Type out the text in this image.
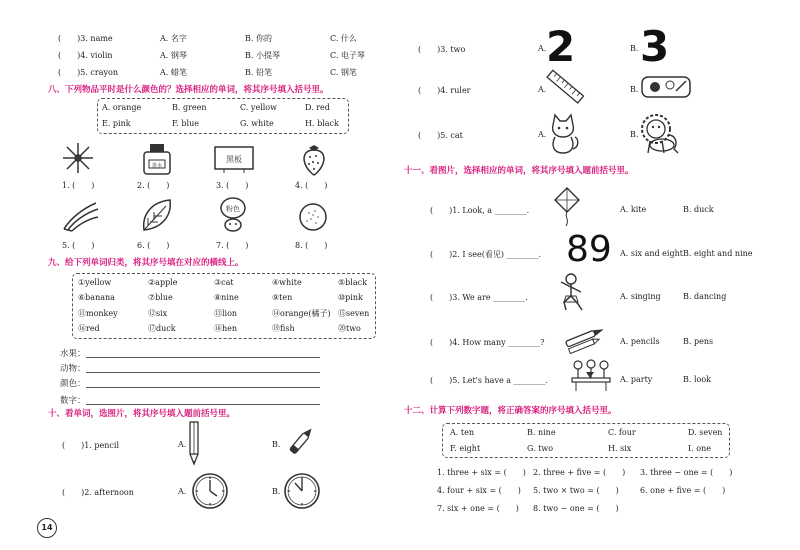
(　　)3. name	A. 名字	B. 你的	C. 什么
(　　)4. violin	A. 钢琴	B. 小提琴	C. 电子琴
(　　)5. crayon	A. 蜡笔	B. 铅笔	C. 钢笔
八、下列物品平时是什么颜色的？选择相应的单词，将其序号填入括号里。
A. orange	B. green	C. yellow	D. red
E. pink	F. blue	G. white	H. black
墨水
黑板
1. (　　)	2. (　　)	3. (　　)	4. (　　)
粉色
5. (　　)	6. (　　)	7. (　　)	8. (　　)
九、给下列单词归类，将其序号填在对应的横线上。
①yellow	②apple	③cat	④white	⑤black
⑥banana	⑦blue	⑧nine	⑨ten	⑩pink
⑪monkey	⑫six	⑬lion	⑭orange(橘子) ⑮seven
⑯red	⑰duck	⑱hen	⑲fish	⑳two
水果：
动物：
颜色：
数字：
十、看单词，选图片，将其序号填入题前括号里。
(　　)1. pencil	A.	B.
(　　)2. afternoon	A.	B.
14
(　　)3. two	A. 2	B. 3
(　　)4. ruler	A.	B.
(　　)5. cat	A.	B.
十一、看图片，选择相应的单词，将其序号填入题前括号里。
(　　)1. Look, a ________.	A. kite	B. duck
(　　)2. I see(看见) ________. 89 A. six and eight B. eight and nine
(　　)3. We are ________.	A. singing	B. dancing
(　　)4. How many ________?	A. pencils	B. pens
(　　)5. Let's have a ________.	A. party	B. look
十二、计算下列数字题，将正确答案的序号填入括号里。
A. ten	B. nine	C. four	D. seven
F. eight	G. two	H. six	I. one
1. three + six = (　　) 2. three + five = (　　) 3. three − one = (　　)
4. four + six = (　　) 5. two × two = (　　)	6. one + five = (　　)
7. six + one = (　　) 8. two − one = (　　)
